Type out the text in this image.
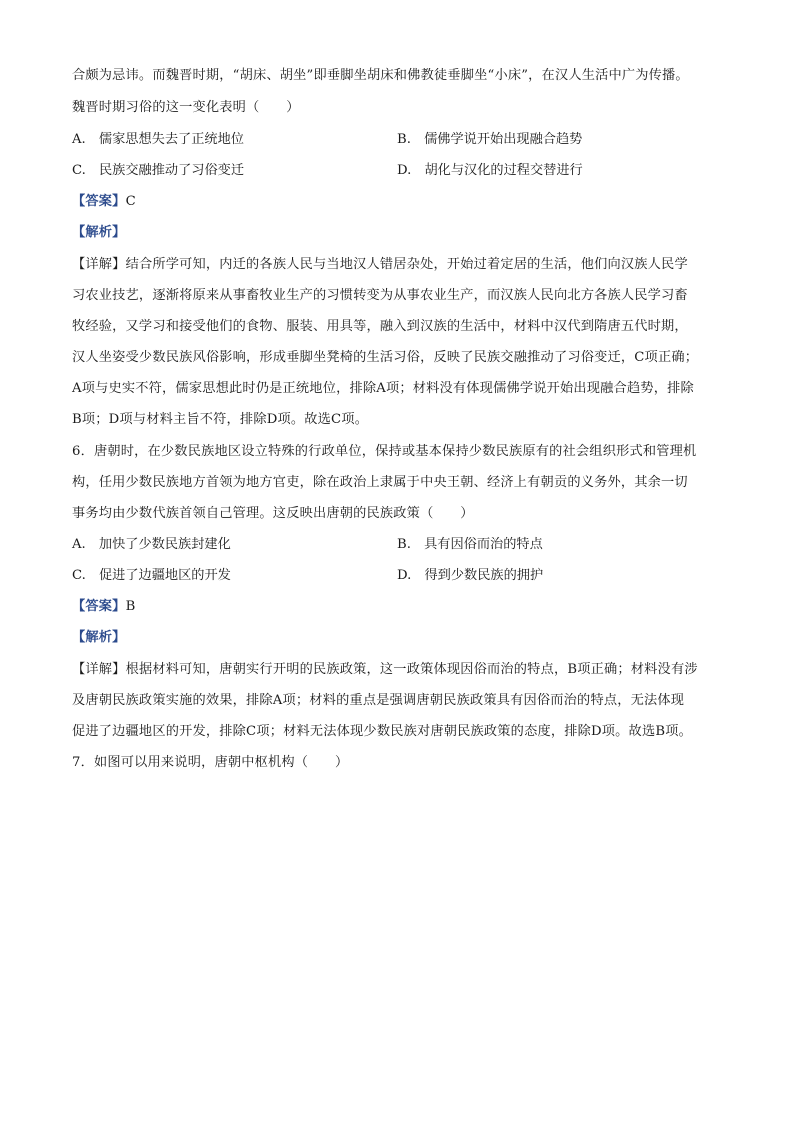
合颇为忌讳。而魏晋时期，“胡床、胡坐”即垂脚坐胡床和佛教徒垂脚坐“小床”，在汉人生活中广为传播。
魏晋时期习俗的这一变化表明（　　）
A.　儒家思想失去了正统地位	B.　儒佛学说开始出现融合趋势
C.　民族交融推动了习俗变迁	D.　胡化与汉化的过程交替进行
【答案】C
【解析】
【详解】结合所学可知，内迁的各族人民与当地汉人错居杂处，开始过着定居的生活，他们向汉族人民学
习农业技艺，逐渐将原来从事畜牧业生产的习惯转变为从事农业生产，而汉族人民向北方各族人民学习畜
牧经验，又学习和接受他们的食物、服装、用具等，融入到汉族的生活中，材料中汉代到隋唐五代时期，
汉人坐姿受少数民族风俗影响，形成垂脚坐凳椅的生活习俗，反映了民族交融推动了习俗变迁，C项正确；
A项与史实不符，儒家思想此时仍是正统地位，排除A项；材料没有体现儒佛学说开始出现融合趋势，排除
B项；D项与材料主旨不符，排除D项。故选C项。
6．唐朝时，在少数民族地区设立特殊的行政单位，保持或基本保持少数民族原有的社会组织形式和管理机
构，任用少数民族地方首领为地方官吏，除在政治上隶属于中央王朝、经济上有朝贡的义务外，其余一切
事务均由少数代族首领自己管理。这反映出唐朝的民族政策（　　）
A.　加快了少数民族封建化	B.　具有因俗而治的特点
C.　促进了边疆地区的开发	D.　得到少数民族的拥护
【答案】B
【解析】
【详解】根据材料可知，唐朝实行开明的民族政策，这一政策体现因俗而治的特点，B项正确；材料没有涉
及唐朝民族政策实施的效果，排除A项；材料的重点是强调唐朝民族政策具有因俗而治的特点，无法体现
促进了边疆地区的开发，排除C项；材料无法体现少数民族对唐朝民族政策的态度，排除D项。故选B项。
7．如图可以用来说明，唐朝中枢机构（　　）
